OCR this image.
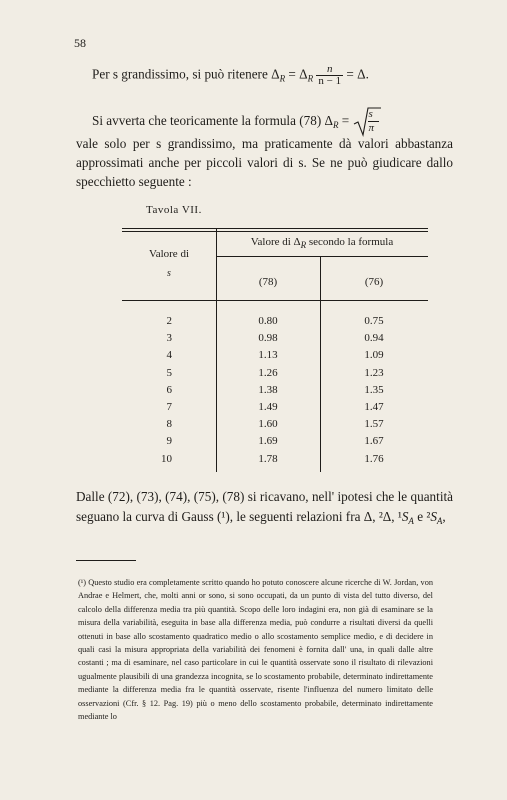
58
Per s grandissimo, si può ritenere $\Delta_R = \Delta_R \frac{n}{n - 1} = \Delta$.
Si avverta che teoricamente la formula (78) $\Delta_R = \frac{s}{\pi}$
vale solo per s grandissimo, ma praticamente dà valori abbastanza approssimati anche per piccoli valori di s. Se ne può giudicare dallo specchietto seguente :
Tavola VII.
Valore di
s
Valore di $\Delta_R$ secondo la formula
(78)	(76)
2	0.80	0.75
3	0.98	0.94
4	1.13	1.09
5	1.26	1.23
6	1.38	1.35
7	1.49	1.47
8	1.60	1.57
9	1.69	1.67
10	1.78	1.76
Dalle (72), (73), (74), (75), (78) si ricavano, nell' ipotesi che le quantità seguano la curva di Gauss (¹), le seguenti relazioni fra Δ, ²Δ, $^1S_A$ e $^2S_A$,
(¹) Questo studio era completamente scritto quando ho potuto conoscere alcune ricerche di W. Jordan, von Andrae e Helmert, che, molti anni or sono, si sono occupati, da un punto di vista del tutto diverso, del calcolo della differenza media tra più quantità. Scopo delle loro indagini era, non già di esaminare se la misura della variabilità, eseguita in base alla differenza media, può condurre a risultati diversi da quelli ottenuti in base allo scostamento quadratico medio o allo scostamento semplice medio, e di decidere in quali casi la misura appropriata della variabilità dei fenomeni è fornita dall' una, in quali dalle altre costanti ; ma di esaminare, nel caso particolare in cui le quantità osservate sono il risultato di rilevazioni ugualmente plausibili di una grandezza incognita, se lo scostamento probabile, determinato indirettamente mediante la differenza media fra le quantità osservate, risente l'influenza del numero limitato delle osservazioni (Cfr. § 12. Pag. 19) più o meno dello scostamento probabile, determinato indirettamente mediante lo
